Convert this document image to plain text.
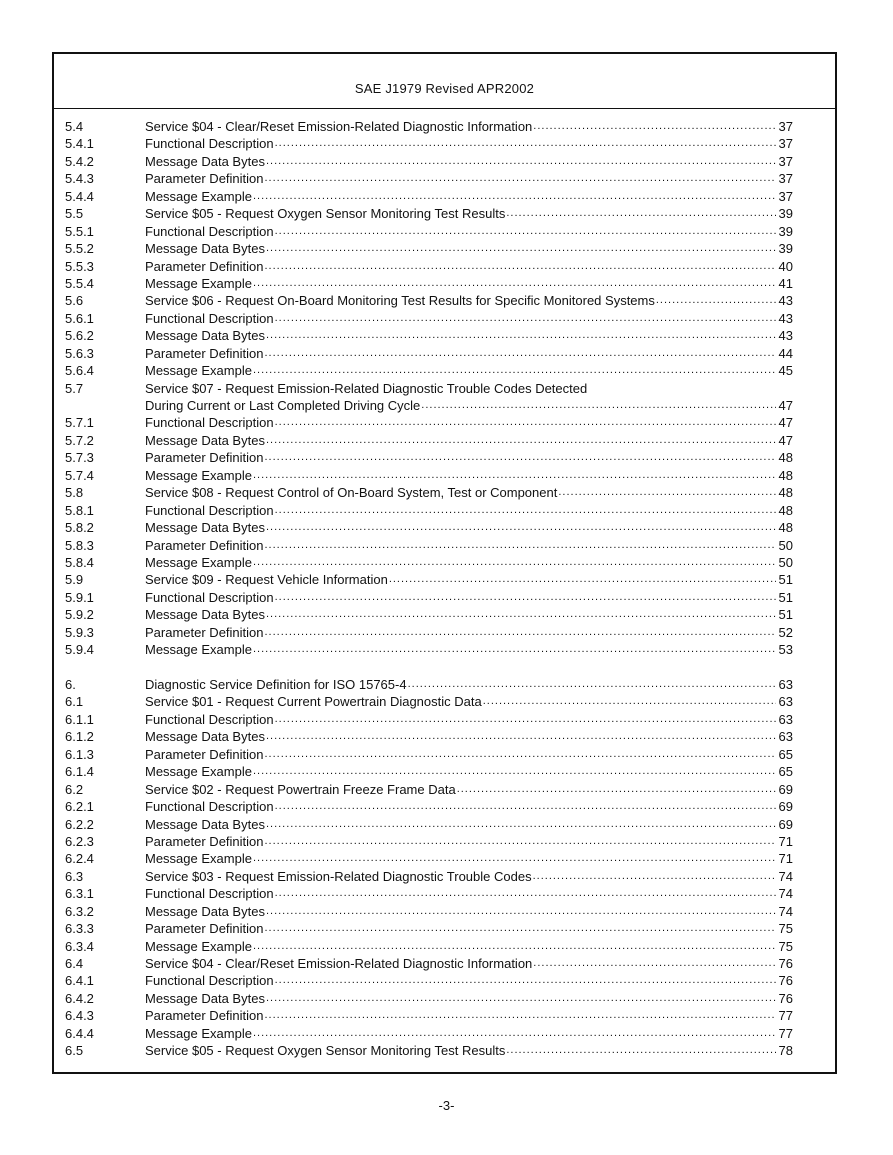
SAE J1979 Revised APR2002
5.4	Service $04 - Clear/Reset Emission-Related Diagnostic Information .....	37
5.4.1	Functional Description .....	37
5.4.2	Message Data Bytes .....	37
5.4.3	Parameter Definition .....	37
5.4.4	Message Example .....	37
5.5	Service $05 - Request Oxygen Sensor Monitoring Test Results .....	39
5.5.1	Functional Description .....	39
5.5.2	Message Data Bytes .....	39
5.5.3	Parameter Definition .....	40
5.5.4	Message Example .....	41
5.6	Service $06 - Request On-Board Monitoring Test Results for Specific Monitored Systems .....	43
5.6.1	Functional Description .....	43
5.6.2	Message Data Bytes .....	43
5.6.3	Parameter Definition .....	44
5.6.4	Message Example .....	45
5.7	Service $07 - Request Emission-Related Diagnostic Trouble Codes Detected
During Current or Last Completed Driving Cycle .....	47
5.7.1	Functional Description .....	47
5.7.2	Message Data Bytes .....	47
5.7.3	Parameter Definition .....	48
5.7.4	Message Example .....	48
5.8	Service $08 - Request Control of On-Board System, Test or Component .....	48
5.8.1	Functional Description .....	48
5.8.2	Message Data Bytes .....	48
5.8.3	Parameter Definition .....	50
5.8.4	Message Example .....	50
5.9	Service $09 - Request Vehicle Information .....	51
5.9.1	Functional Description .....	51
5.9.2	Message Data Bytes .....	51
5.9.3	Parameter Definition .....	52
5.9.4	Message Example .....	53
6.	Diagnostic Service Definition for ISO 15765-4 .....	63
6.1	Service $01 - Request Current Powertrain Diagnostic Data .....	63
6.1.1	Functional Description .....	63
6.1.2	Message Data Bytes .....	63
6.1.3	Parameter Definition .....	65
6.1.4	Message Example .....	65
6.2	Service $02 - Request Powertrain Freeze Frame Data .....	69
6.2.1	Functional Description .....	69
6.2.2	Message Data Bytes .....	69
6.2.3	Parameter Definition .....	71
6.2.4	Message Example .....	71
6.3	Service $03 - Request Emission-Related Diagnostic Trouble Codes .....	74
6.3.1	Functional Description .....	74
6.3.2	Message Data Bytes .....	74
6.3.3	Parameter Definition .....	75
6.3.4	Message Example .....	75
6.4	Service $04 - Clear/Reset Emission-Related Diagnostic Information .....	76
6.4.1	Functional Description .....	76
6.4.2	Message Data Bytes .....	76
6.4.3	Parameter Definition .....	77
6.4.4	Message Example .....	77
6.5	Service $05 - Request Oxygen Sensor Monitoring Test Results .....	78
-3-
